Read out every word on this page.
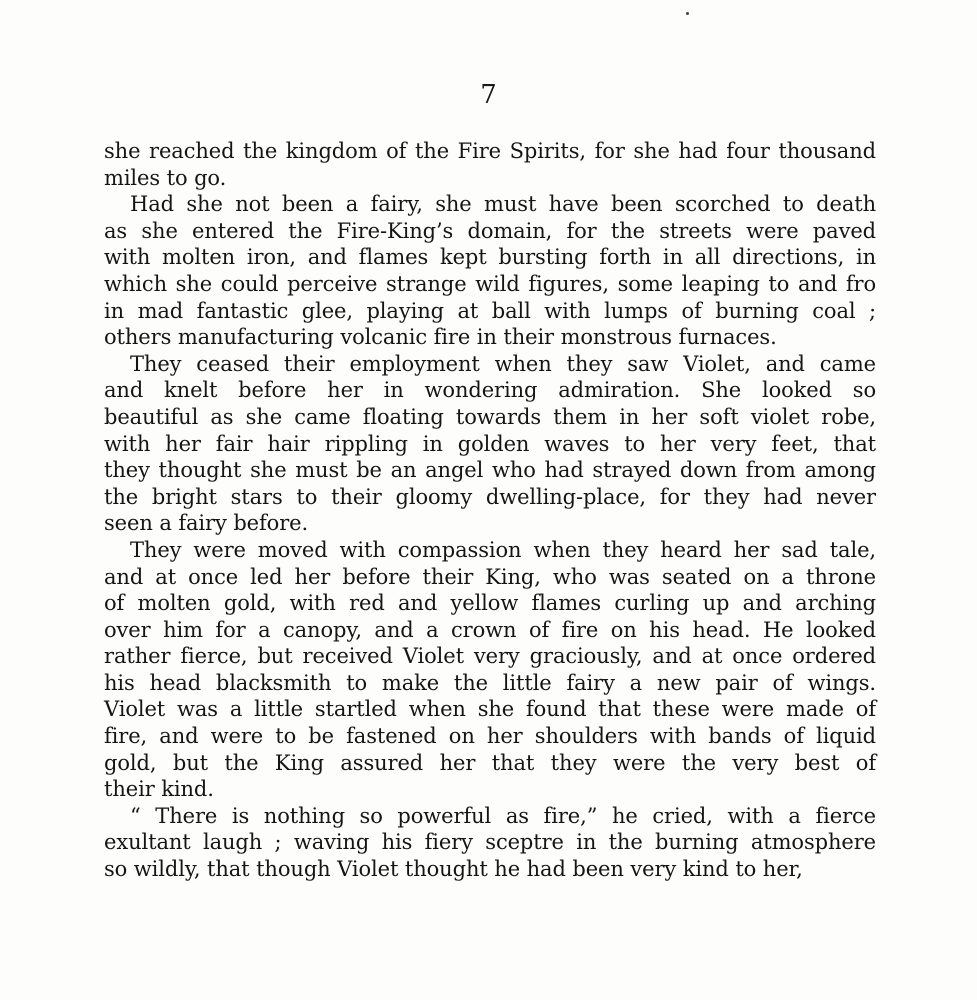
7
she reached the kingdom of the Fire Spirits, for she had four thousand
miles to go.
Had she not been a fairy, she must have been scorched to death
as she entered the Fire-King’s domain, for the streets were paved
with molten iron, and flames kept bursting forth in all directions, in
which she could perceive strange wild figures, some leaping to and fro
in mad fantastic glee, playing at ball with lumps of burning coal ;
others manufacturing volcanic fire in their monstrous furnaces.
They ceased their employment when they saw Violet, and came
and knelt before her in wondering admiration. She looked so
beautiful as she came floating towards them in her soft violet robe,
with her fair hair rippling in golden waves to her very feet, that
they thought she must be an angel who had strayed down from among
the bright stars to their gloomy dwelling-place, for they had never
seen a fairy before.
They were moved with compassion when they heard her sad tale,
and at once led her before their King, who was seated on a throne
of molten gold, with red and yellow flames curling up and arching
over him for a canopy, and a crown of fire on his head. He looked
rather fierce, but received Violet very graciously, and at once ordered
his head blacksmith to make the little fairy a new pair of wings.
Violet was a little startled when she found that these were made of
fire, and were to be fastened on her shoulders with bands of liquid
gold, but the King assured her that they were the very best of
their kind.
“ There is nothing so powerful as fire,” he cried, with a fierce
exultant laugh ; waving his fiery sceptre in the burning atmosphere
so wildly, that though Violet thought he had been very kind to her,
